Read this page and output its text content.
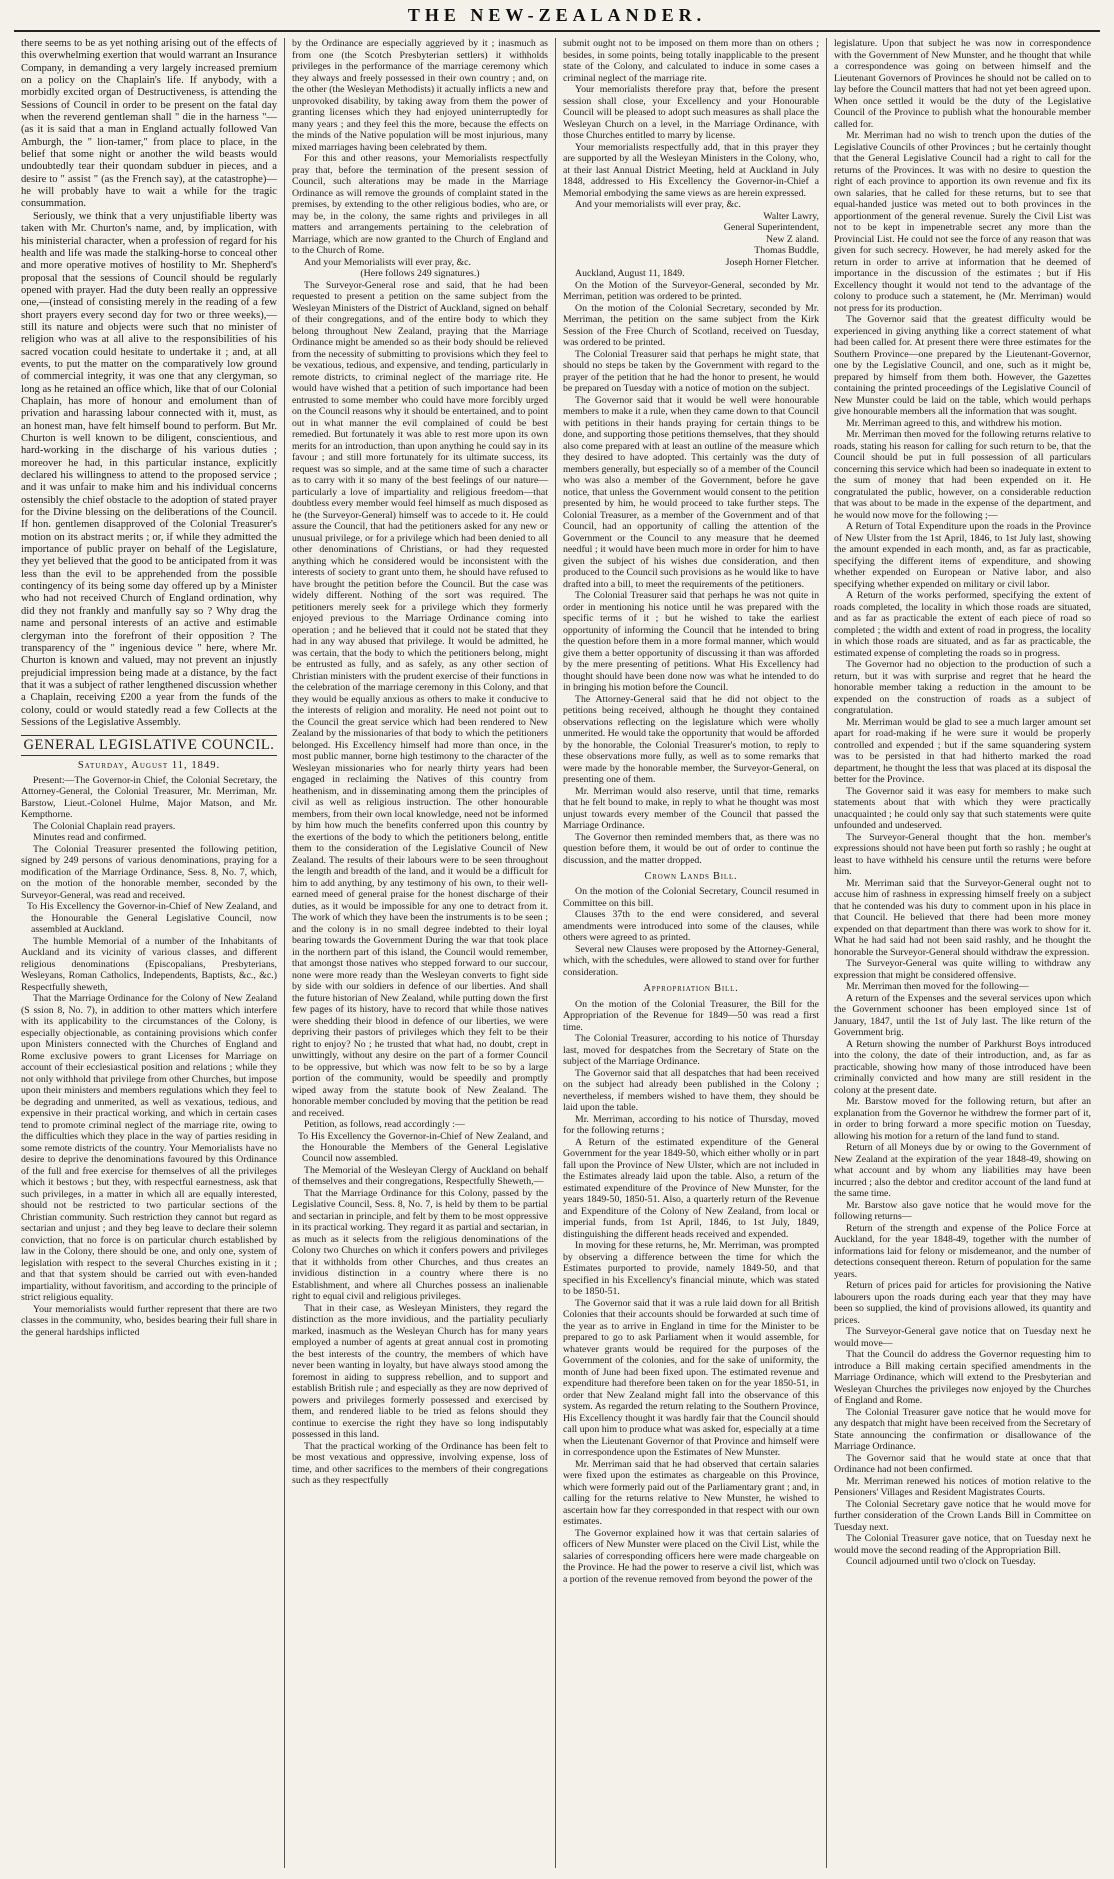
THE NEW-ZEALANDER.

there seems to be as yet nothing arising out of the effects of this overwhelming exertion that would warrant an Insurance Company, in demanding a very largely increased premium on a policy on the Chaplain's life. If anybody, with a morbidly excited organ of Destructiveness, is attending the Sessions of Council in order to be present on the fatal day when the reverend gentleman shall " die in the harness "—(as it is said that a man in England actually followed Van Amburgh, the " lion-tamer," from place to place, in the belief that some night or another the wild beasts would undoubtedly tear their quondam subduer in pieces, and a desire to " assist " (as the French say), at the catastrophe)—he will probably have to wait a while for the tragic consummation.

Seriously, we think that a very unjustifiable liberty was taken with Mr. Churton's name, and, by implication, with his ministerial character, when a profession of regard for his health and life was made the stalking-horse to conceal other and more operative motives of hostility to Mr. Shepherd's proposal that the sessions of Council should be regularly opened with prayer. Had the duty been really an oppressive one,—(instead of consisting merely in the reading of a few short prayers every second day for two or three weeks),—still its nature and objects were such that no minister of religion who was at all alive to the responsibilities of his sacred vocation could hesitate to undertake it ; and, at all events, to put the matter on the comparatively low ground of commercial integrity, it was one that any clergyman, so long as he retained an office which, like that of our Colonial Chaplain, has more of honour and emolument than of privation and harassing labour connected with it, must, as an honest man, have felt himself bound to perform. But Mr. Churton is well known to be diligent, conscientious, and hard-working in the discharge of his various duties ; moreover he had, in this particular instance, explicitly declared his willingness to attend to the proposed service ; and it was unfair to make him and his individual concerns ostensibly the chief obstacle to the adoption of stated prayer for the Divine blessing on the deliberations of the Council. If hon. gentlemen disapproved of the Colonial Treasurer's motion on its abstract merits ; or, if while they admitted the importance of public prayer on behalf of the Legislature, they yet believed that the good to be anticipated from it was less than the evil to be apprehended from the possible contingency of its being some day offered up by a Minister who had not received Church of England ordination, why did they not frankly and manfully say so ? Why drag the name and personal interests of an active and estimable clergyman into the forefront of their opposition ? The transparency of the " ingenious device " here, where Mr. Churton is known and valued, may not prevent an injustly prejudicial impression being made at a distance, by the fact that it was a subject of rather lengthened discussion whether a Chaplain, receiving £200 a year from the funds of the colony, could or would statedly read a few Collects at the Sessions of the Legislative Assembly.

GENERAL LEGISLATIVE COUNCIL.

Saturday, August 11, 1849.

Present:—The Governor-in Chief, the Colonial Secretary, the Attorney-General, the Colonial Treasurer, Mr. Merriman, Mr. Barstow, Lieut.-Colonel Hulme, Major Matson, and Mr. Kempthorne.

The Colonial Chaplain read prayers.

Minutes read and confirmed.

The Colonial Treasurer presented the following petition, signed by 249 persons of various denominations, praying for a modification of the Marriage Ordinance, Sess. 8, No. 7, which, on the motion of the honorable member, seconded by the Surveyor-General, was read and received.

To His Excellency the Governor-in-Chief of New Zealand, and the Honourable the General Legislative Council, now assembled at Auckland.

The humble Memorial of a number of the Inhabitants of Auckland and its vicinity of various classes, and different religious denominations (Episcopalians, Presbyterians, Wesleyans, Roman Catholics, Independents, Baptists, &c., &c.) Respectfully sheweth,

That the Marriage Ordinance for the Colony of New Zealand (S ssion 8, No. 7), in addition to other matters which interfere with its applicability to the circumstances of the Colony, is especially objectionable, as containing provisions which confer upon Ministers connected with the Churches of England and Rome exclusive powers to grant Licenses for Marriage on account of their ecclesiastical position and relations ; while they not only withhold that privilege from other Churches, but impose upon their ministers and members regulations which they feel to be degrading and unmerited, as well as vexatious, tedious, and expensive in their practical working, and which in certain cases tend to promote criminal neglect of the marriage rite, owing to the difficulties which they place in the way of parties residing in some remote districts of the country. Your Memorialists have no desire to deprive the denominations favoured by this Ordinance of the full and free exercise for themselves of all the privileges which it bestows ; but they, with respectful earnestness, ask that such privileges, in a matter in which all are equally interested, should not be restricted to two particular sections of the Christian community. Such restriction they cannot but regard as sectarian and unjust ; and they beg leave to declare their solemn conviction, that no force is on particular church established by law in the Colony, there should be one, and only one, system of legislation with respect to the several Churches existing in it ; and that that system should be carried out with even-handed impartiality, without favoritism, and according to the principle of strict religious equality.

Your memorialists would further represent that there are two classes in the community, who, besides bearing their full share in the general hardships inflicted

by the Ordinance are especially aggrieved by it ; inasmuch as from one (the Scotch Presbyterian settlers) it withholds privileges in the performance of the marriage ceremony which they always and freely possessed in their own country ; and, on the other (the Wesleyan Methodists) it actually inflicts a new and unprovoked disability, by taking away from them the power of granting licenses which they had enjoyed uninterruptedly for many years ; and they feel this the more, because the effects on the minds of the Native population will be most injurious, many mixed marriages having been celebrated by them.

For this and other reasons, your Memorialists respectfully pray that, before the termination of the present session of Council, such alterations may be made in the Marriage Ordinance as will remove the grounds of complaint stated in the premises, by extending to the other religious bodies, who are, or may be, in the colony, the same rights and privileges in all matters and arrangements pertaining to the celebration of Marriage, which are now granted to the Church of England and to the Church of Rome.

And your Memorialists will ever pray, &c.

(Here follows 249 signatures.)

The Surveyor-General rose and said, that he had been requested to present a petition on the same subject from the Wesleyan Ministers of the District of Auckland, signed on behalf of their congregations, and of the entire body to which they belong throughout New Zealand, praying that the Marriage Ordinance might be amended so as their body should be relieved from the necessity of submitting to provisions which they feel to be vexatious, tedious, and expensive, and tending, particularly in remote districts, to criminal neglect of the marriage rite. He would have wished that a petition of such importance had been entrusted to some member who could have more forcibly urged on the Council reasons why it should be entertained, and to point out in what manner the evil complained of could be best remedied. But fortunately it was able to rest more upon its own merits for an introduction, than upon anything he could say in its favour ; and still more fortunately for its ultimate success, its request was so simple, and at the same time of such a character as to carry with it so many of the best feelings of our nature—particularly a love of impartiality and religious freedom—that doubtless every member would feel himself as much disposed as he (the Surveyor-General) himself was to accede to it. He could assure the Council, that had the petitioners asked for any new or unusual privilege, or for a privilege which had been denied to all other denominations of Christians, or had they requested anything which he considered would be inconsistent with the interests of society to grant unto them, he should have refused to have brought the petition before the Council. But the case was widely different. Nothing of the sort was required. The petitioners merely seek for a privilege which they formerly enjoyed previous to the Marriage Ordinance coming into operation ; and he believed that it could not be stated that they had in any way abused that privilege. It would be admitted, he was certain, that the body to which the petitioners belong, might be entrusted as fully, and as safely, as any other section of Christian ministers with the prudent exercise of their functions in the celebration of the marriage ceremony in this Colony, and that they would be equally anxious as others to make it conducive to the interests of religion and morality. He need not point out to the Council the great service which had been rendered to New Zealand by the missionaries of that body to which the petitioners belonged. His Excellency himself had more than once, in the most public manner, borne high testimony to the character of the Wesleyan missionaries who for nearly thirty years had been engaged in reclaiming the Natives of this country from heathenism, and in disseminating among them the principles of civil as well as religious instruction. The other honourable members, from their own local knowledge, need not be informed by him how much the benefits conferred upon this country by the exertions of the body to which the petitioners belong, entitle them to the consideration of the Legislative Council of New Zealand. The results of their labours were to be seen throughout the length and breadth of the land, and it would be a difficult for him to add anything, by any testimony of his own, to their well-earned meed of general praise for the honest discharge of their duties, as it would be impossible for any one to detract from it. The work of which they have been the instruments is to be seen ; and the colony is in no small degree indebted to their loyal bearing towards the Government During the war that took place in the northern part of this island, the Council would remember, that amongst those natives who stepped forward to our succour, none were more ready than the Wesleyan converts to fight side by side with our soldiers in defence of our liberties. And shall the future historian of New Zealand, while putting down the first few pages of its history, have to record that while those natives were shedding their blood in defence of our liberties, we were depriving their pastors of privileges which they felt to be their right to enjoy? No ; he trusted that what had, no doubt, crept in unwittingly, without any desire on the part of a former Council to be oppressive, but which was now felt to be so by a large portion of the community, would be speedily and promptly wiped away from the statute book of New Zealand. The honorable member concluded by moving that the petition be read and received.

Petition, as follows, read accordingly :—

To His Excellency the Governor-in-Chief of New Zealand, and the Honourable the Members of the General Legislative Council now assembled.

The Memorial of the Wesleyan Clergy of Auckland on behalf of themselves and their congregations, Respectfully Sheweth,—

That the Marriage Ordinance for this Colony, passed by the Legislative Council, Sess. 8, No. 7, is held by them to be partial and sectarian in principle, and felt by them to be most oppressive in its practical working. They regard it as partial and sectarian, in as much as it selects from the religious denominations of the Colony two Churches on which it confers powers and privileges that it withholds from other Churches, and thus creates an invidious distinction in a country where there is no Establishment, and where all Churches possess an inalienable right to equal civil and religious privileges.

That in their case, as Wesleyan Ministers, they regard the distinction as the more invidious, and the partiality peculiarly marked, inasmuch as the Wesleyan Church has for many years employed a number of agents at great annual cost in promoting the best interests of the country, the members of which have never been wanting in loyalty, but have always stood among the foremost in aiding to suppress rebellion, and to support and establish British rule ; and especially as they are now deprived of powers and privileges formerly possessed and exercised by them, and rendered liable to be tried as felons should they continue to exercise the right they have so long indisputably possessed in this land.

That the practical working of the Ordinance has been felt to be most vexatious and oppressive, involving expense, loss of time, and other sacrifices to the members of their congregations such as they respectfully

submit ought not to be imposed on them more than on others ; besides, in some points, being totally inapplicable to the present state of the Colony, and calculated to induce in some cases a criminal neglect of the marriage rite.

Your memorialists therefore pray that, before the present session shall close, your Excellency and your Honourable Council will be pleased to adopt such measures as shall place the Wesleyan Church on a level, in the Marriage Ordinance, with those Churches entitled to marry by license.

Your memorialists respectfully add, that in this prayer they are supported by all the Wesleyan Ministers in the Colony, who, at their last Annual District Meeting, held at Auckland in July 1848, addressed to His Excellency the Governor-in-Chief a Memorial embodying the same views as are herein expressed.

And your memorialists will ever pray, &c.

Walter Lawry,

General Superintendent,

New Z aland.

Thomas Buddle,

Joseph Horner Fletcher.

Auckland, August 11, 1849.

On the Motion of the Surveyor-General, seconded by Mr. Merriman, petition was ordered to be printed.

On the motion of the Colonial Secretary, seconded by Mr. Merriman, the petition on the same subject from the Kirk Session of the Free Church of Scotland, received on Tuesday, was ordered to be printed.

The Colonial Treasurer said that perhaps he might state, that should no steps be taken by the Government with regard to the prayer of the petition that he had the honor to present, he would be prepared on Tuesday with a notice of motion on the subject.

The Governor said that it would be well were honourable members to make it a rule, when they came down to that Council with petitions in their hands praying for certain things to be done, and supporting those petitions themselves, that they should also come prepared with at least an outline of the measure which they desired to have adopted. This certainly was the duty of members generally, but especially so of a member of the Council who was also a member of the Government, before he gave notice, that unless the Government would consent to the petition presented by him, he would proceed to take further steps. The Colonial Treasurer, as a member of the Government and of that Council, had an opportunity of calling the attention of the Government or the Council to any measure that he deemed needful ; it would have been much more in order for him to have given the subject of his wishes due consideration, and then produced to the Council such provisions as he would like to have drafted into a bill, to meet the requirements of the petitioners.

The Colonial Treasurer said that perhaps he was not quite in order in mentioning his notice until he was prepared with the specific terms of it ; but he wished to take the earliest opportunity of informing the Council that he intended to bring the question before them in a more formal manner, which would give them a better opportunity of discussing it than was afforded by the mere presenting of petitions. What His Excellency had thought should have been done now was what he intended to do in bringing his motion before the Council.

The Attorney-General said that he did not object to the petitions being received, although he thought they contained observations reflecting on the legislature which were wholly unmerited. He would take the opportunity that would be afforded by the honorable, the Colonial Treasurer's motion, to reply to these observations more fully, as well as to some remarks that were made by the honorable member, the Surveyor-General, on presenting one of them.

Mr. Merriman would also reserve, until that time, remarks that he felt bound to make, in reply to what he thought was most unjust towards every member of the Council that passed the Marriage Ordinance.

The Governor then reminded members that, as there was no question before them, it would be out of order to continue the discussion, and the matter dropped.

Crown Lands Bill.

On the motion of the Colonial Secretary, Council resumed in Committee on this bill.

Clauses 37th to the end were considered, and several amendments were introduced into some of the clauses, while others were agreed to as printed.

Several new Clauses were proposed by the Attorney-General, which, with the schedules, were allowed to stand over for further consideration.

Appropriation Bill.

On the motion of the Colonial Treasurer, the Bill for the Appropriation of the Revenue for 1849—50 was read a first time.

The Colonial Treasurer, according to his notice of Thursday last, moved for despatches from the Secretary of State on the subject of the Marriage Ordinance.

The Governor said that all despatches that had been received on the subject had already been published in the Colony ; nevertheless, if members wished to have them, they should be laid upon the table.

Mr. Merriman, according to his notice of Thursday, moved for the following returns ;

A Return of the estimated expenditure of the General Government for the year 1849-50, which either wholly or in part fall upon the Province of New Ulster, which are not included in the Estimates already laid upon the table. Also, a return of the estimated expenditure of the Province of New Munster, for the years 1849-50, 1850-51. Also, a quarterly return of the Revenue and Expenditure of the Colony of New Zealand, from local or imperial funds, from 1st April, 1846, to 1st July, 1849, distinguishing the different heads received and expended.

In moving for these returns, he, Mr. Merriman, was prompted by observing a difference between the time for which the Estimates purported to provide, namely 1849-50, and that specified in his Excellency's financial minute, which was stated to be 1850-51.

The Governor said that it was a rule laid down for all British Colonies that their accounts should be forwarded at such time of the year as to arrive in England in time for the Minister to be prepared to go to ask Parliament when it would assemble, for whatever grants would be required for the purposes of the Government of the colonies, and for the sake of uniformity, the month of June had been fixed upon. The estimated revenue and expenditure had therefore been taken on for the year 1850-51, in order that New Zealand might fall into the observance of this system. As regarded the return relating to the Southern Province, His Excellency thought it was hardly fair that the Council should call upon him to produce what was asked for, especially at a time when the Lieutenant Governor of that Province and himself were in correspondence upon the Estimates of New Munster.

Mr. Merriman said that he had observed that certain salaries were fixed upon the estimates as chargeable on this Province, which were formerly paid out of the Parliamentary grant ; and, in calling for the returns relative to New Munster, he wished to ascertain how far they corresponded in that respect with our own estimates.

The Governor explained how it was that certain salaries of officers of New Munster were placed on the Civil List, while the salaries of corresponding officers here were made chargeable on the Province. He had the power to reserve a civil list, which was a portion of the revenue removed from beyond the power of the

legislature. Upon that subject he was now in correspondence with the Government of New Munster, and he thought that while a correspondence was going on between himself and the Lieutenant Governors of Provinces he should not be called on to lay before the Council matters that had not yet been agreed upon. When once settled it would be the duty of the Legislative Council of the Province to publish what the honourable member called for.

Mr. Merriman had no wish to trench upon the duties of the Legislative Councils of other Provinces ; but he certainly thought that the General Legislative Council had a right to call for the returns of the Provinces. It was with no desire to question the right of each province to apportion its own revenue and fix its own salaries, that he called for these returns, but to see that equal-handed justice was meted out to both provinces in the apportionment of the general revenue. Surely the Civil List was not to be kept in impenetrable secret any more than the Provincial List. He could not see the force of any reason that was given for such secrecy. However, he had merely asked for the return in order to arrive at information that he deemed of importance in the discussion of the estimates ; but if His Excellency thought it would not tend to the advantage of the colony to produce such a statement, he (Mr. Merriman) would not press for its production.

The Governor said that the greatest difficulty would be experienced in giving anything like a correct statement of what had been called for. At present there were three estimates for the Southern Province—one prepared by the Lieutenant-Governor, one by the Legislative Council, and one, such as it might be, prepared by himself from them both. However, the Gazettes containing the printed proceedings of the Legislative Council of New Munster could be laid on the table, which would perhaps give honourable members all the information that was sought.

Mr. Merriman agreed to this, and withdrew his motion.

Mr. Merriman then moved for the following returns relative to roads, stating his reason for calling for such return to be, that the Council should be put in full possession of all particulars concerning this service which had been so inadequate in extent to the sum of money that had been expended on it. He congratulated the public, however, on a considerable reduction that was about to be made in the expense of the department, and he would now move for the following ;—

A Return of Total Expenditure upon the roads in the Province of New Ulster from the 1st April, 1846, to 1st July last, showing the amount expended in each month, and, as far as practicable, specifying the different items of expenditure, and showing whether expended on European or Native labor, and also specifying whether expended on military or civil labor.

A Return of the works performed, specifying the extent of roads completed, the locality in which those roads are situated, and as far as practicable the extent of each piece of road so completed ; the width and extent of road in progress, the locality in which those roads are situated, and as far as practicable, the estimated expense of completing the roads so in progress.

The Governor had no objection to the production of such a return, but it was with surprise and regret that he heard the honorable member taking a reduction in the amount to be expended on the construction of roads as a subject of congratulation.

Mr. Merriman would be glad to see a much larger amount set apart for road-making if he were sure it would be properly controlled and expended ; but if the same squandering system was to be persisted in that had hitherto marked the road department, he thought the less that was placed at its disposal the better for the Province.

The Governor said it was easy for members to make such statements about that with which they were practically unacquainted ; he could only say that such statements were quite unfounded and undeserved.

The Surveyor-General thought that the hon. member's expressions should not have been put forth so rashly ; he ought at least to have withheld his censure until the returns were before him.

Mr. Merriman said that the Surveyor-General ought not to accuse him of rashness in expressing himself freely on a subject that he contended was his duty to comment upon in his place in that Council. He believed that there had been more money expended on that department than there was work to show for it. What he had said had not been said rashly, and he thought the honorable the Surveyor-General should withdraw the expression.

The Surveyor-General was quite willing to withdraw any expression that might be considered offensive.

Mr. Merriman then moved for the following—

A return of the Expenses and the several services upon which the Government schooner has been employed since 1st of January, 1847, until the 1st of July last. The like return of the Government brig.

A Return showing the number of Parkhurst Boys introduced into the colony, the date of their introduction, and, as far as practicable, showing how many of those introduced have been criminally convicted and how many are still resident in the colony at the present date.

Mr. Barstow moved for the following return, but after an explanation from the Governor he withdrew the former part of it, in order to bring forward a more specific motion on Tuesday, allowing his motion for a return of the land fund to stand.

Return of all Moneys due by or owing to the Government of New Zealand at the expiration of the year 1848-49, showing on what account and by whom any liabilities may have been incurred ; also the debtor and creditor account of the land fund at the same time.

Mr. Barstow also gave notice that he would move for the following returns—

Return of the strength and expense of the Police Force at Auckland, for the year 1848-49, together with the number of informations laid for felony or misdemeanor, and the number of detections consequent thereon. Return of population for the same years.

Return of prices paid for articles for provisioning the Native labourers upon the roads during each year that they may have been so supplied, the kind of provisions allowed, its quantity and prices.

The Surveyor-General gave notice that on Tuesday next he would move—

That the Council do address the Governor requesting him to introduce a Bill making certain specified amendments in the Marriage Ordinance, which will extend to the Presbyterian and Wesleyan Churches the privileges now enjoyed by the Churches of England and Rome.

The Colonial Treasurer gave notice that he would move for any despatch that might have been received from the Secretary of State announcing the confirmation or disallowance of the Marriage Ordinance.

The Governor said that he would state at once that that Ordinance had not been confirmed.

Mr. Merriman renewed his notices of motion relative to the Pensioners' Villages and Resident Magistrates Courts.

The Colonial Secretary gave notice that he would move for further consideration of the Crown Lands Bill in Committee on Tuesday next.

The Colonial Treasurer gave notice, that on Tuesday next he would move the second reading of the Appropriation Bill.

Council adjourned until two o'clock on Tuesday.
